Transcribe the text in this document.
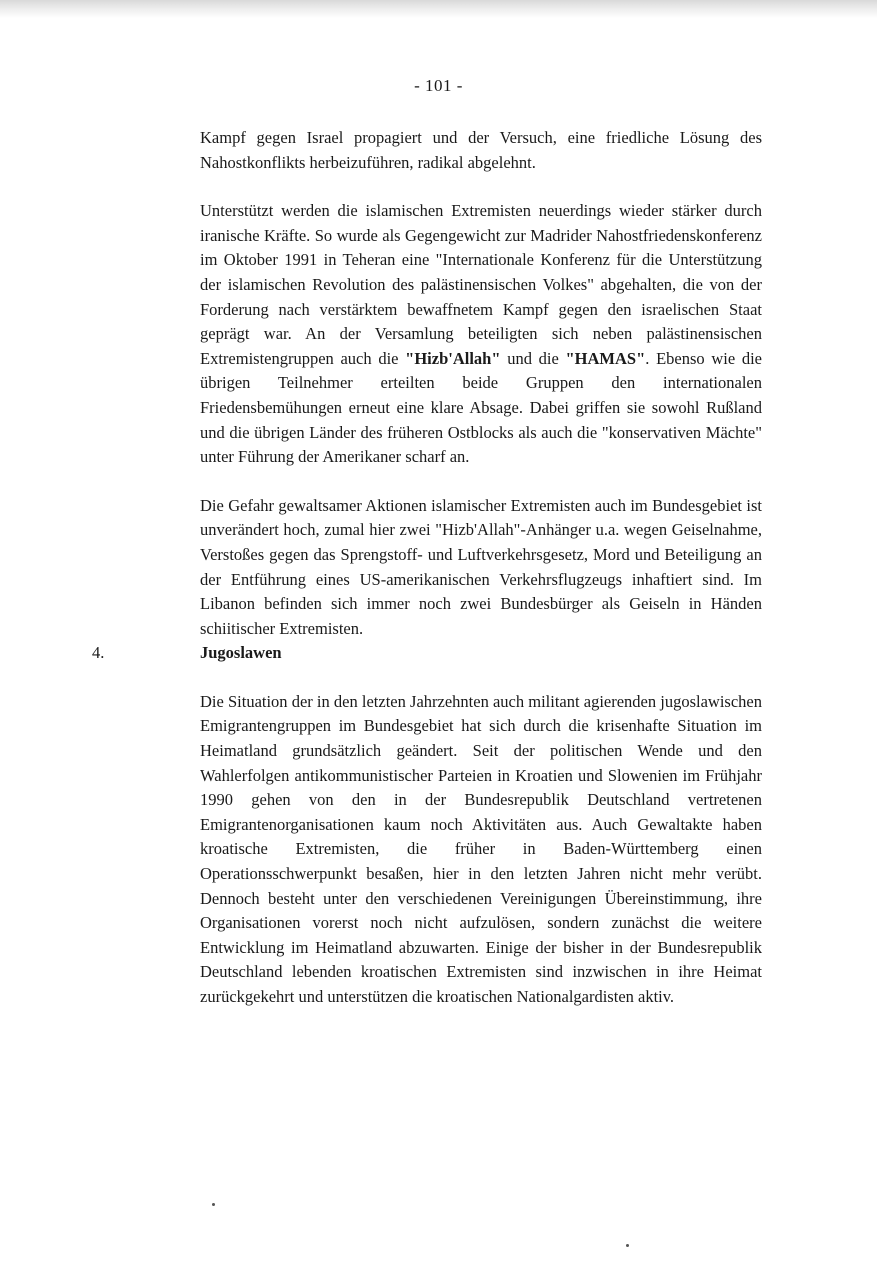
- 101 -

Kampf gegen Israel propagiert und der Versuch, eine friedliche Lösung des Nahostkonflikts herbeizuführen, radikal abgelehnt.

Unterstützt werden die islamischen Extremisten neuerdings wieder stärker durch iranische Kräfte. So wurde als Gegengewicht zur Madrider Nahostfriedenskonferenz im Oktober 1991 in Teheran eine "Internationale Konferenz für die Unterstützung der islamischen Revolution des palästinensischen Volkes" abgehalten, die von der Forderung nach verstärktem bewaffnetem Kampf gegen den israelischen Staat geprägt war. An der Versamlung beteiligten sich neben palästinensischen Extremistengruppen auch die "Hizb'Allah" und die "HAMAS". Ebenso wie die übrigen Teilnehmer erteilten beide Gruppen den internationalen Friedensbemühungen erneut eine klare Absage. Dabei griffen sie sowohl Rußland und die übrigen Länder des früheren Ostblocks als auch die "konservativen Mächte" unter Führung der Amerikaner scharf an.

Die Gefahr gewaltsamer Aktionen islamischer Extremisten auch im Bundesgebiet ist unverändert hoch, zumal hier zwei "Hizb'Allah"-Anhänger u.a. wegen Geiselnahme, Verstoßes gegen das Sprengstoff- und Luftverkehrsgesetz, Mord und Beteiligung an der Entführung eines US-amerikanischen Verkehrsflugzeugs inhaftiert sind. Im Libanon befinden sich immer noch zwei Bundesbürger als Geiseln in Händen schiitischer Extremisten.

4.	Jugoslawen

Die Situation der in den letzten Jahrzehnten auch militant agierenden jugoslawischen Emigrantengruppen im Bundesgebiet hat sich durch die krisenhafte Situation im Heimatland grundsätzlich geändert. Seit der politischen Wende und den Wahlerfolgen antikommunistischer Parteien in Kroatien und Slowenien im Frühjahr 1990 gehen von den in der Bundesrepublik Deutschland vertretenen Emigrantenorganisationen kaum noch Aktivitäten aus. Auch Gewaltakte haben kroatische Extremisten, die früher in Baden-Württemberg einen Operationsschwerpunkt besaßen, hier in den letzten Jahren nicht mehr verübt. Dennoch besteht unter den verschiedenen Vereinigungen Übereinstimmung, ihre Organisationen vorerst noch nicht aufzulösen, sondern zunächst die weitere Entwicklung im Heimatland abzuwarten. Einige der bisher in der Bundesrepublik Deutschland lebenden kroatischen Extremisten sind inzwischen in ihre Heimat zurückgekehrt und unterstützen die kroatischen Nationalgardisten aktiv.
